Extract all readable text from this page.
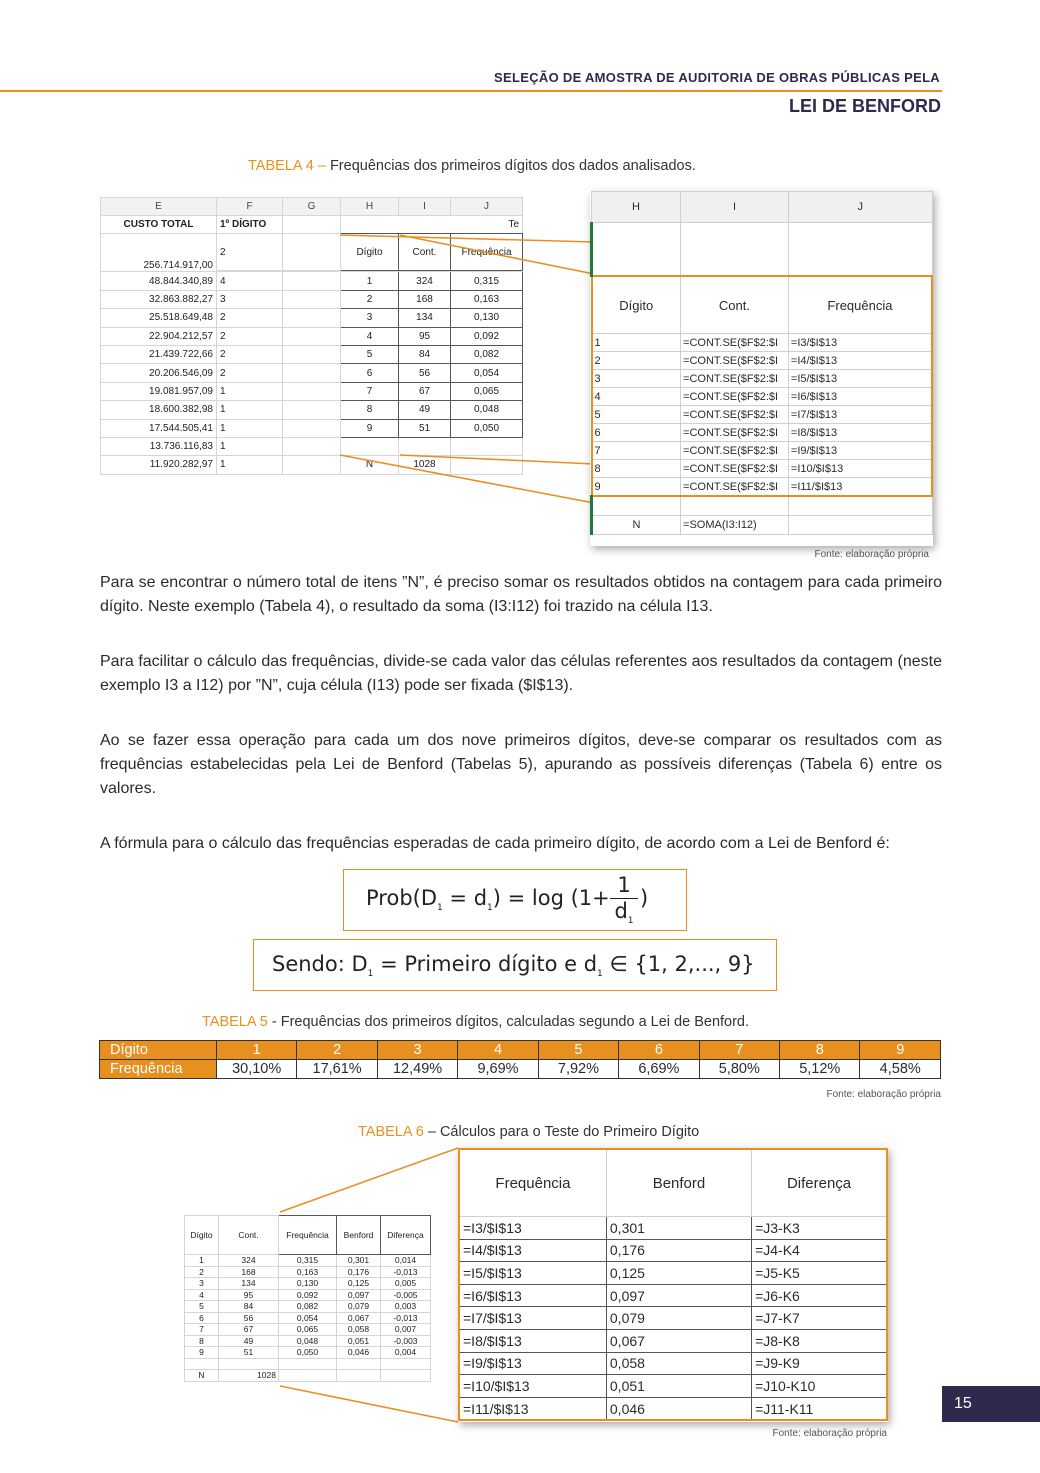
SELEÇÃO DE AMOSTRA DE AUDITORIA DE OBRAS PÚBLICAS PELA
LEI DE BENFORD
TABELA 4 – Frequências dos primeiros dígitos dos dados analisados.
E	F	G	H	I	J
CUSTO TOTAL	1º DÍGITO		Te		
256.714.917,00	2		Dígito	Cont.	Frequência

48.844.340,89	4		1	324	0,315
32.863.882,27	3		2	168	0,163
25.518.649,48	2		3	134	0,130
22.904.212,57	2		4	95	0,092
21.439.722,66	2		5	84	0,082
20.206.546,09	2		6	56	0,054
19.081.957,09	1		7	67	0,065
18.600.382,98	1		8	49	0,048
17.544.505,41	1		9	51	0,050
13.736.116,83	1				
11.920.282,97	1		N	1028	
H	I	J

Dígito	Cont.	Frequência
1	=CONT.SE($F$2:$I	=I3/$I$13
2	=CONT.SE($F$2:$I	=I4/$I$13
3	=CONT.SE($F$2:$I	=I5/$I$13
4	=CONT.SE($F$2:$I	=I6/$I$13
5	=CONT.SE($F$2:$I	=I7/$I$13
6	=CONT.SE($F$2:$I	=I8/$I$13
7	=CONT.SE($F$2:$I	=I9/$I$13
8	=CONT.SE($F$2:$I	=I10/$I$13
9	=CONT.SE($F$2:$I	=I11/$I$13

N	=SOMA(I3:I12)	
Fonte: elaboração própria

Para se encontrar o número total de itens ”N”, é preciso somar os resultados obtidos na contagem para cada primeiro dígito. Neste exemplo (Tabela 4), o resultado da soma (I3:I12) foi trazido na célula I13.

Para facilitar o cálculo das frequências, divide-se cada valor das células referentes aos resultados da contagem (neste exemplo I3 a I12) por ”N”, cuja célula (I13) pode ser fixada ($I$13).

Ao se fazer essa operação para cada um dos nove primeiros dígitos, deve-se comparar os resultados com as frequências estabelecidas pela Lei de Benford (Tabelas 5), apurando as possíveis diferenças (Tabela 6) entre os valores.

A fórmula para o cálculo das frequências esperadas de cada primeiro dígito, de acordo com a Lei de Benford é:

$Prob(D_1 = d_1) = \log (1+$
1
$d_1$
)
Sendo: $D_1$ = Primeiro dígito e $d_1$ ∈ {1, 2,..., 9}
TABELA 5 - Frequências dos primeiros dígitos, calculadas segundo a Lei de Benford.
Dígito	1	2	3	4	5	6	7	8	9
Frequência	30,10%	17,61%	12,49%	9,69%	7,92%	6,69%	5,80%	5,12%	4,58%
Fonte: elaboração própria
TABELA 6 – Cálculos para o Teste do Primeiro Dígito
Dígito	Cont.	Frequência	Benford	Diferença
1	324	0,315	0,301	0,014
2	168	0,163	0,176	-0,013
3	134	0,130	0,125	0,005
4	95	0,092	0,097	-0,005
5	84	0,082	0,079	0,003
6	56	0,054	0,067	-0,013
7	67	0,065	0,058	0,007
8	49	0,048	0,051	-0,003
9	51	0,050	0,046	0,004

N	1028			
Frequência	Benford	Diferença
=I3/$I$13	0,301	=J3-K3
=I4/$I$13	0,176	=J4-K4
=I5/$I$13	0,125	=J5-K5
=I6/$I$13	0,097	=J6-K6
=I7/$I$13	0,079	=J7-K7
=I8/$I$13	0,067	=J8-K8
=I9/$I$13	0,058	=J9-K9
=I10/$I$13	0,051	=J10-K10
=I11/$I$13	0,046	=J11-K11
Fonte: elaboração própria
15
